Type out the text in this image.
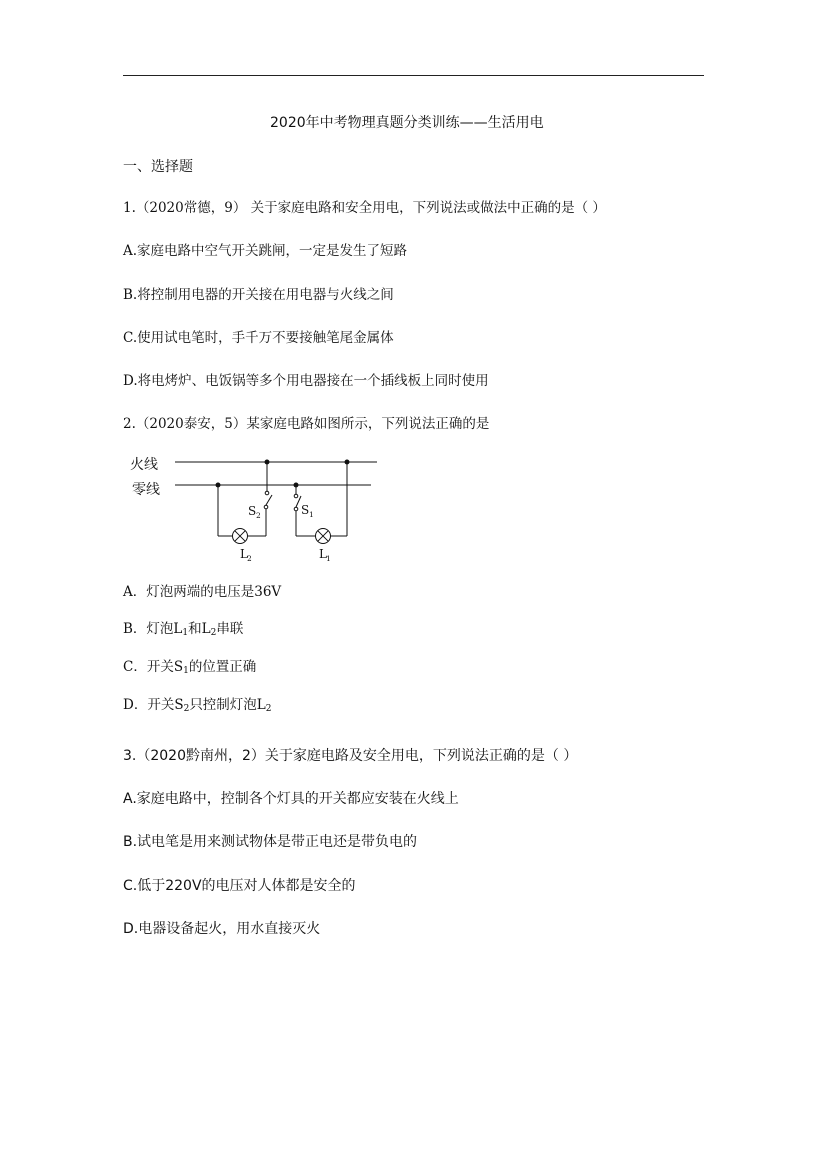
2020年中考物理真题分类训练——生活用电
一、选择题
1.（2020常德，9） 关于家庭电路和安全用电，下列说法或做法中正确的是（ ）
A.家庭电路中空气开关跳闸，一定是发生了短路
B.将控制用电器的开关接在用电器与火线之间
C.使用试电笔时，手千万不要接触笔尾金属体
D.将电烤炉、电饭锅等多个用电器接在一个插线板上同时使用
2.（2020泰安，5）某家庭电路如图所示，下列说法正确的是
火线
零线
S 2
L 2
S 1
L 1
A．灯泡两端的电压是36V
B．灯泡$L_1$和$L_2$串联
C．开关$S_1$的位置正确
D．开关$S_2$只控制灯泡$L_2$
3.（2020黔南州，2）关于家庭电路及安全用电，下列说法正确的是（ ）
A.家庭电路中，控制各个灯具的开关都应安装在火线上
B.试电笔是用来测试物体是带正电还是带负电的
C.低于220V的电压对人体都是安全的
D.电器设备起火，用水直接灭火
